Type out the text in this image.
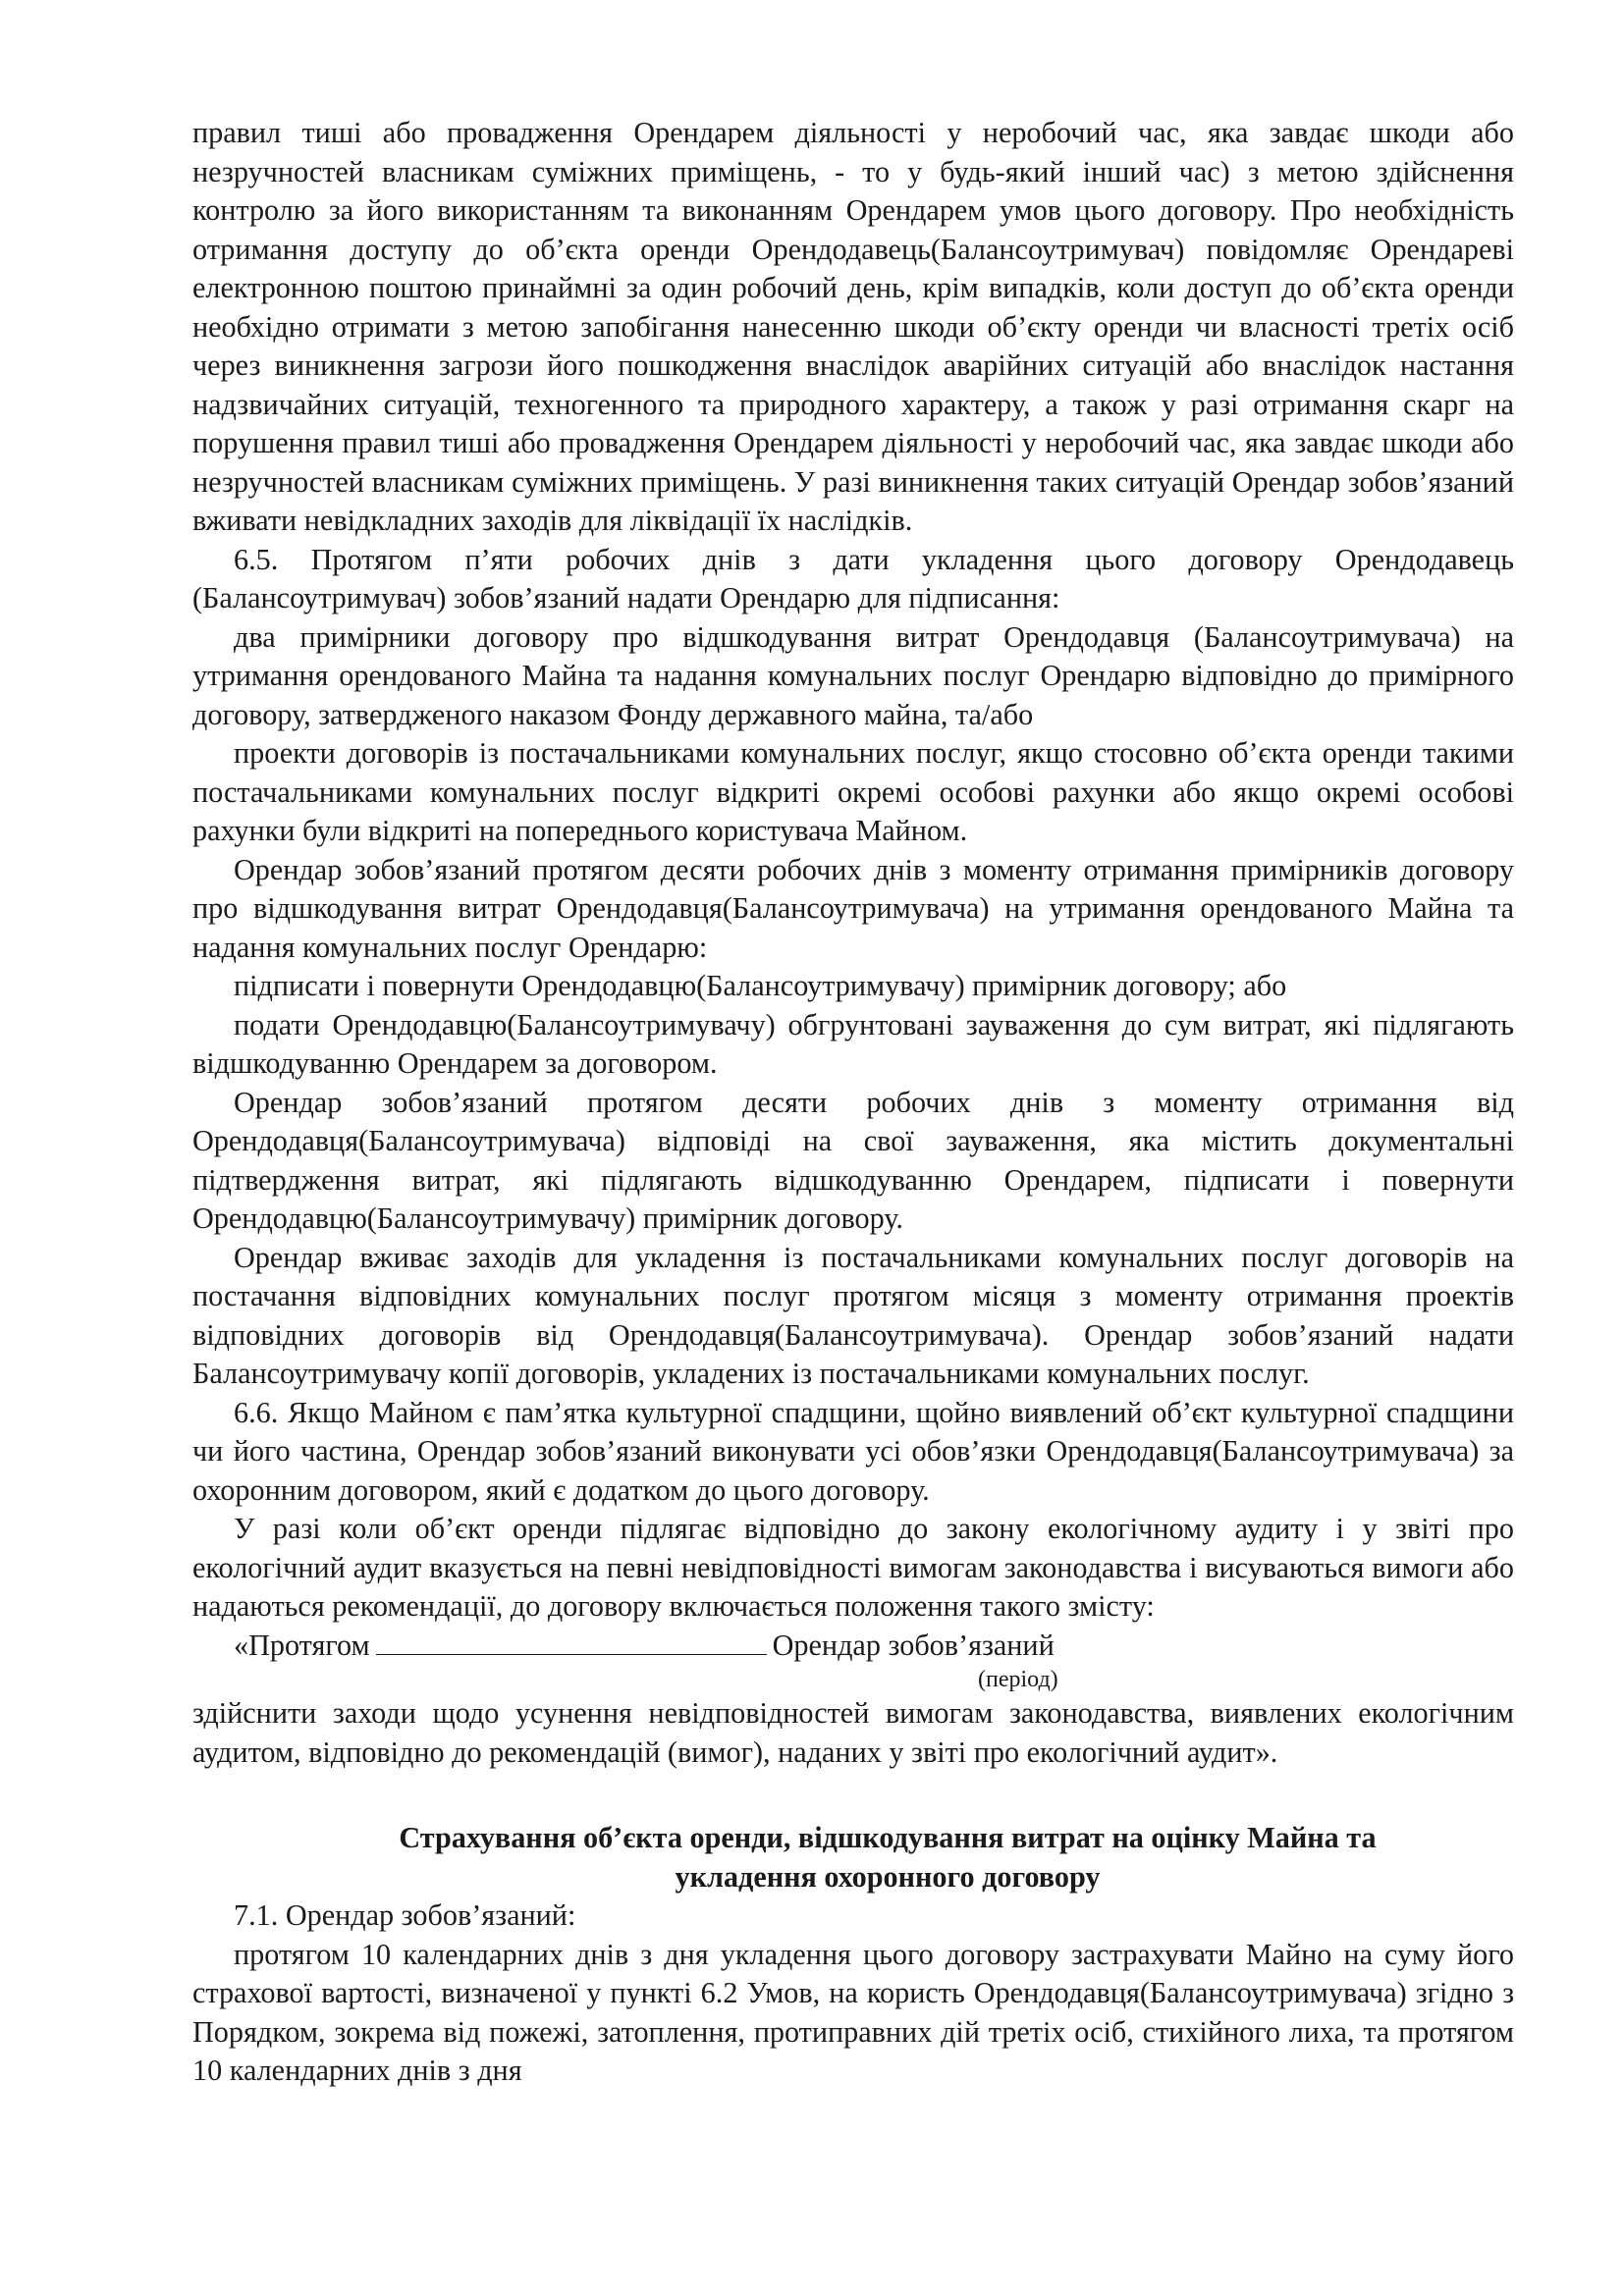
правил тиші або провадження Орендарем діяльності у неробочий час, яка завдає шкоди або незручностей власникам суміжних приміщень, - то у будь-який інший час) з метою здійснення контролю за його використанням та виконанням Орендарем умов цього договору. Про необхідність отримання доступу до об’єкта оренди Орендодавець(Балансоутримувач) повідомляє Орендареві електронною поштою принаймні за один робочий день, крім випадків, коли доступ до об’єкта оренди необхідно отримати з метою запобігання нанесенню шкоди об’єкту оренди чи власності третіх осіб через виникнення загрози його пошкодження внаслідок аварійних ситуацій або внаслідок настання надзвичайних ситуацій, техногенного та природного характеру, а також у разі отримання скарг на порушення правил тиші або провадження Орендарем діяльності у неробочий час, яка завдає шкоди або незручностей власникам суміжних приміщень. У разі виникнення таких ситуацій Орендар зобов’язаний вживати невідкладних заходів для ліквідації їх наслідків.

6.5. Протягом п’яти робочих днів з дати укладення цього договору Орендодавець (Балансоутримувач) зобов’язаний надати Орендарю для підписання:

два примірники договору про відшкодування витрат Орендодавця (Балансоутримувача) на утримання орендованого Майна та надання комунальних послуг Орендарю відповідно до примірного договору, затвердженого наказом Фонду державного майна, та/або

проекти договорів із постачальниками комунальних послуг, якщо стосовно об’єкта оренди такими постачальниками комунальних послуг відкриті окремі особові рахунки або якщо окремі особові рахунки були відкриті на попереднього користувача Майном.

Орендар зобов’язаний протягом десяти робочих днів з моменту отримання примірників договору про відшкодування витрат Орендодавця(Балансоутримувача) на утримання орендованого Майна та надання комунальних послуг Орендарю:

підписати і повернути Орендодавцю(Балансоутримувачу) примірник договору; або

подати Орендодавцю(Балансоутримувачу) обгрунтовані зауваження до сум витрат, які підлягають відшкодуванню Орендарем за договором.

Орендар зобов’язаний протягом десяти робочих днів з моменту отримання від Орендодавця(Балансоутримувача) відповіді на свої зауваження, яка містить документальні підтвердження витрат, які підлягають відшкодуванню Орендарем, підписати і повернути Орендодавцю(Балансоутримувачу) примірник договору.

Орендар вживає заходів для укладення із постачальниками комунальних послуг договорів на постачання відповідних комунальних послуг протягом місяця з моменту отримання проектів відповідних договорів від Орендодавця(Балансоутримувача). Орендар зобов’язаний надати Балансоутримувачу копії договорів, укладених із постачальниками комунальних послуг.

6.6. Якщо Майном є пам’ятка культурної спадщини, щойно виявлений об’єкт культурної спадщини чи його частина, Орендар зобов’язаний виконувати усі обов’язки Орендодавця(Балансоутримувача) за охоронним договором, який є додатком до цього договору.

У разі коли об’єкт оренди підлягає відповідно до закону екологічному аудиту і у звіті про екологічний аудит вказується на певні невідповідності вимогам законодавства і висуваються вимоги або надаються рекомендації, до договору включається положення такого змісту:

«Протягом	Орендар зобов’язаний

(період)

здійснити заходи щодо усунення невідповідностей вимогам законодавства, виявлених екологічним аудитом, відповідно до рекомендацій (вимог), наданих у звіті про екологічний аудит».

Страхування об’єкта оренди, відшкодування витрат на оцінку Майна та

укладення охоронного договору

7.1. Орендар зобов’язаний:

протягом 10 календарних днів з дня укладення цього договору застрахувати Майно на суму його страхової вартості, визначеної у пункті 6.2 Умов, на користь Орендодавця(Балансоутримувача) згідно з Порядком, зокрема від пожежі, затоплення, протиправних дій третіх осіб, стихійного лиха, та протягом 10 календарних днів з дня
